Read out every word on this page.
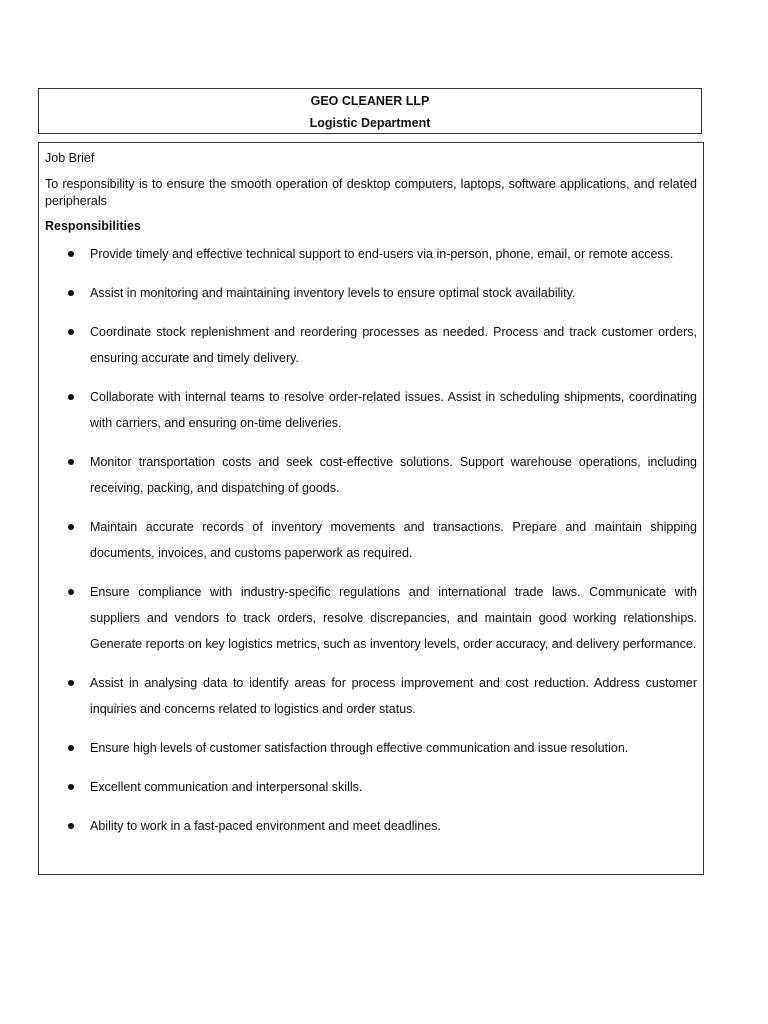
GEO CLEANER LLP
Logistic Department
Job Brief
To responsibility is to ensure the smooth operation of desktop computers, laptops, software applications, and related peripherals
Responsibilities
Provide timely and effective technical support to end-users via in-person, phone, email, or remote access.
Assist in monitoring and maintaining inventory levels to ensure optimal stock availability.
Coordinate stock replenishment and reordering processes as needed. Process and track customer orders, ensuring accurate and timely delivery.
Collaborate with internal teams to resolve order-related issues. Assist in scheduling shipments, coordinating with carriers, and ensuring on-time deliveries.
Monitor transportation costs and seek cost-effective solutions. Support warehouse operations, including receiving, packing, and dispatching of goods.
Maintain accurate records of inventory movements and transactions. Prepare and maintain shipping documents, invoices, and customs paperwork as required.
Ensure compliance with industry-specific regulations and international trade laws. Communicate with suppliers and vendors to track orders, resolve discrepancies, and maintain good working relationships. Generate reports on key logistics metrics, such as inventory levels, order accuracy, and delivery performance.
Assist in analysing data to identify areas for process improvement and cost reduction. Address customer inquiries and concerns related to logistics and order status.
Ensure high levels of customer satisfaction through effective communication and issue resolution.
Excellent communication and interpersonal skills.
Ability to work in a fast-paced environment and meet deadlines.
